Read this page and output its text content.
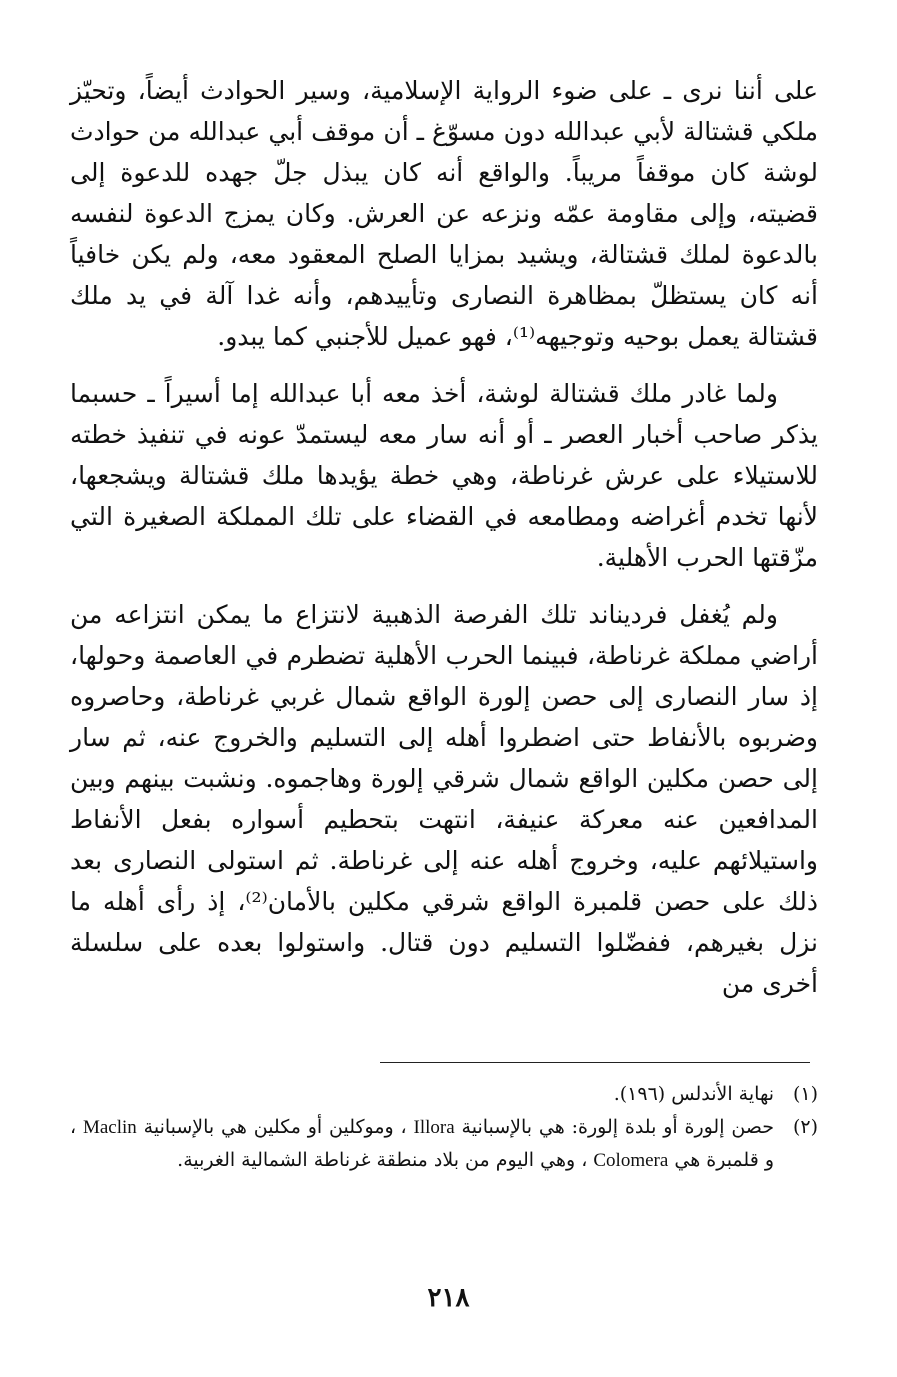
على أننا نرى ـ على ضوء الرواية الإسلامية، وسير الحوادث أيضاً، وتحيّز ملكي قشتالة لأبي عبدالله دون مسوّغ ـ أن موقف أبي عبدالله من حوادث لوشة كان موقفاً مريباً. والواقع أنه كان يبذل جلّ جهده للدعوة إلى قضيته، وإلى مقاومة عمّه ونزعه عن العرش. وكان يمزج الدعوة لنفسه بالدعوة لملك قشتالة، ويشيد بمزايا الصلح المعقود معه، ولم يكن خافياً أنه كان يستظلّ بمظاهرة النصارى وتأييدهم، وأنه غدا آلة في يد ملك قشتالة يعمل بوحيه وتوجيهه⁽¹⁾، فهو عميل للأجنبي كما يبدو.

ولما غادر ملك قشتالة لوشة، أخذ معه أبا عبدالله إما أسيراً ـ حسبما يذكر صاحب أخبار العصر ـ أو أنه سار معه ليستمدّ عونه في تنفيذ خطته للاستيلاء على عرش غرناطة، وهي خطة يؤيدها ملك قشتالة ويشجعها، لأنها تخدم أغراضه ومطامعه في القضاء على تلك المملكة الصغيرة التي مزّقتها الحرب الأهلية.

ولم يُغفل فرديناند تلك الفرصة الذهبية لانتزاع ما يمكن انتزاعه من أراضي مملكة غرناطة، فبينما الحرب الأهلية تضطرم في العاصمة وحولها، إذ سار النصارى إلى حصن إلورة الواقع شمال غربي غرناطة، وحاصروه وضربوه بالأنفاط حتى اضطروا أهله إلى التسليم والخروج عنه، ثم سار إلى حصن مكلين الواقع شمال شرقي إلورة وهاجموه. ونشبت بينهم وبين المدافعين عنه معركة عنيفة، انتهت بتحطيم أسواره بفعل الأنفاط واستيلائهم عليه، وخروج أهله عنه إلى غرناطة. ثم استولى النصارى بعد ذلك على حصن قلمبرة الواقع شرقي مكلين بالأمان⁽²⁾، إذ رأى أهله ما نزل بغيرهم، ففضّلوا التسليم دون قتال. واستولوا بعده على سلسلة أخرى من

(١)
نهاية الأندلس (١٩٦).
(٢)
حصن إلورة أو بلدة إلورة: هي بالإسبانية Illora ، وموكلين أو مكلين هي بالإسبانية Maclin ، و قلمبرة هي Colomera ، وهي اليوم من بلاد منطقة غرناطة الشمالية الغربية.
٢١٨
